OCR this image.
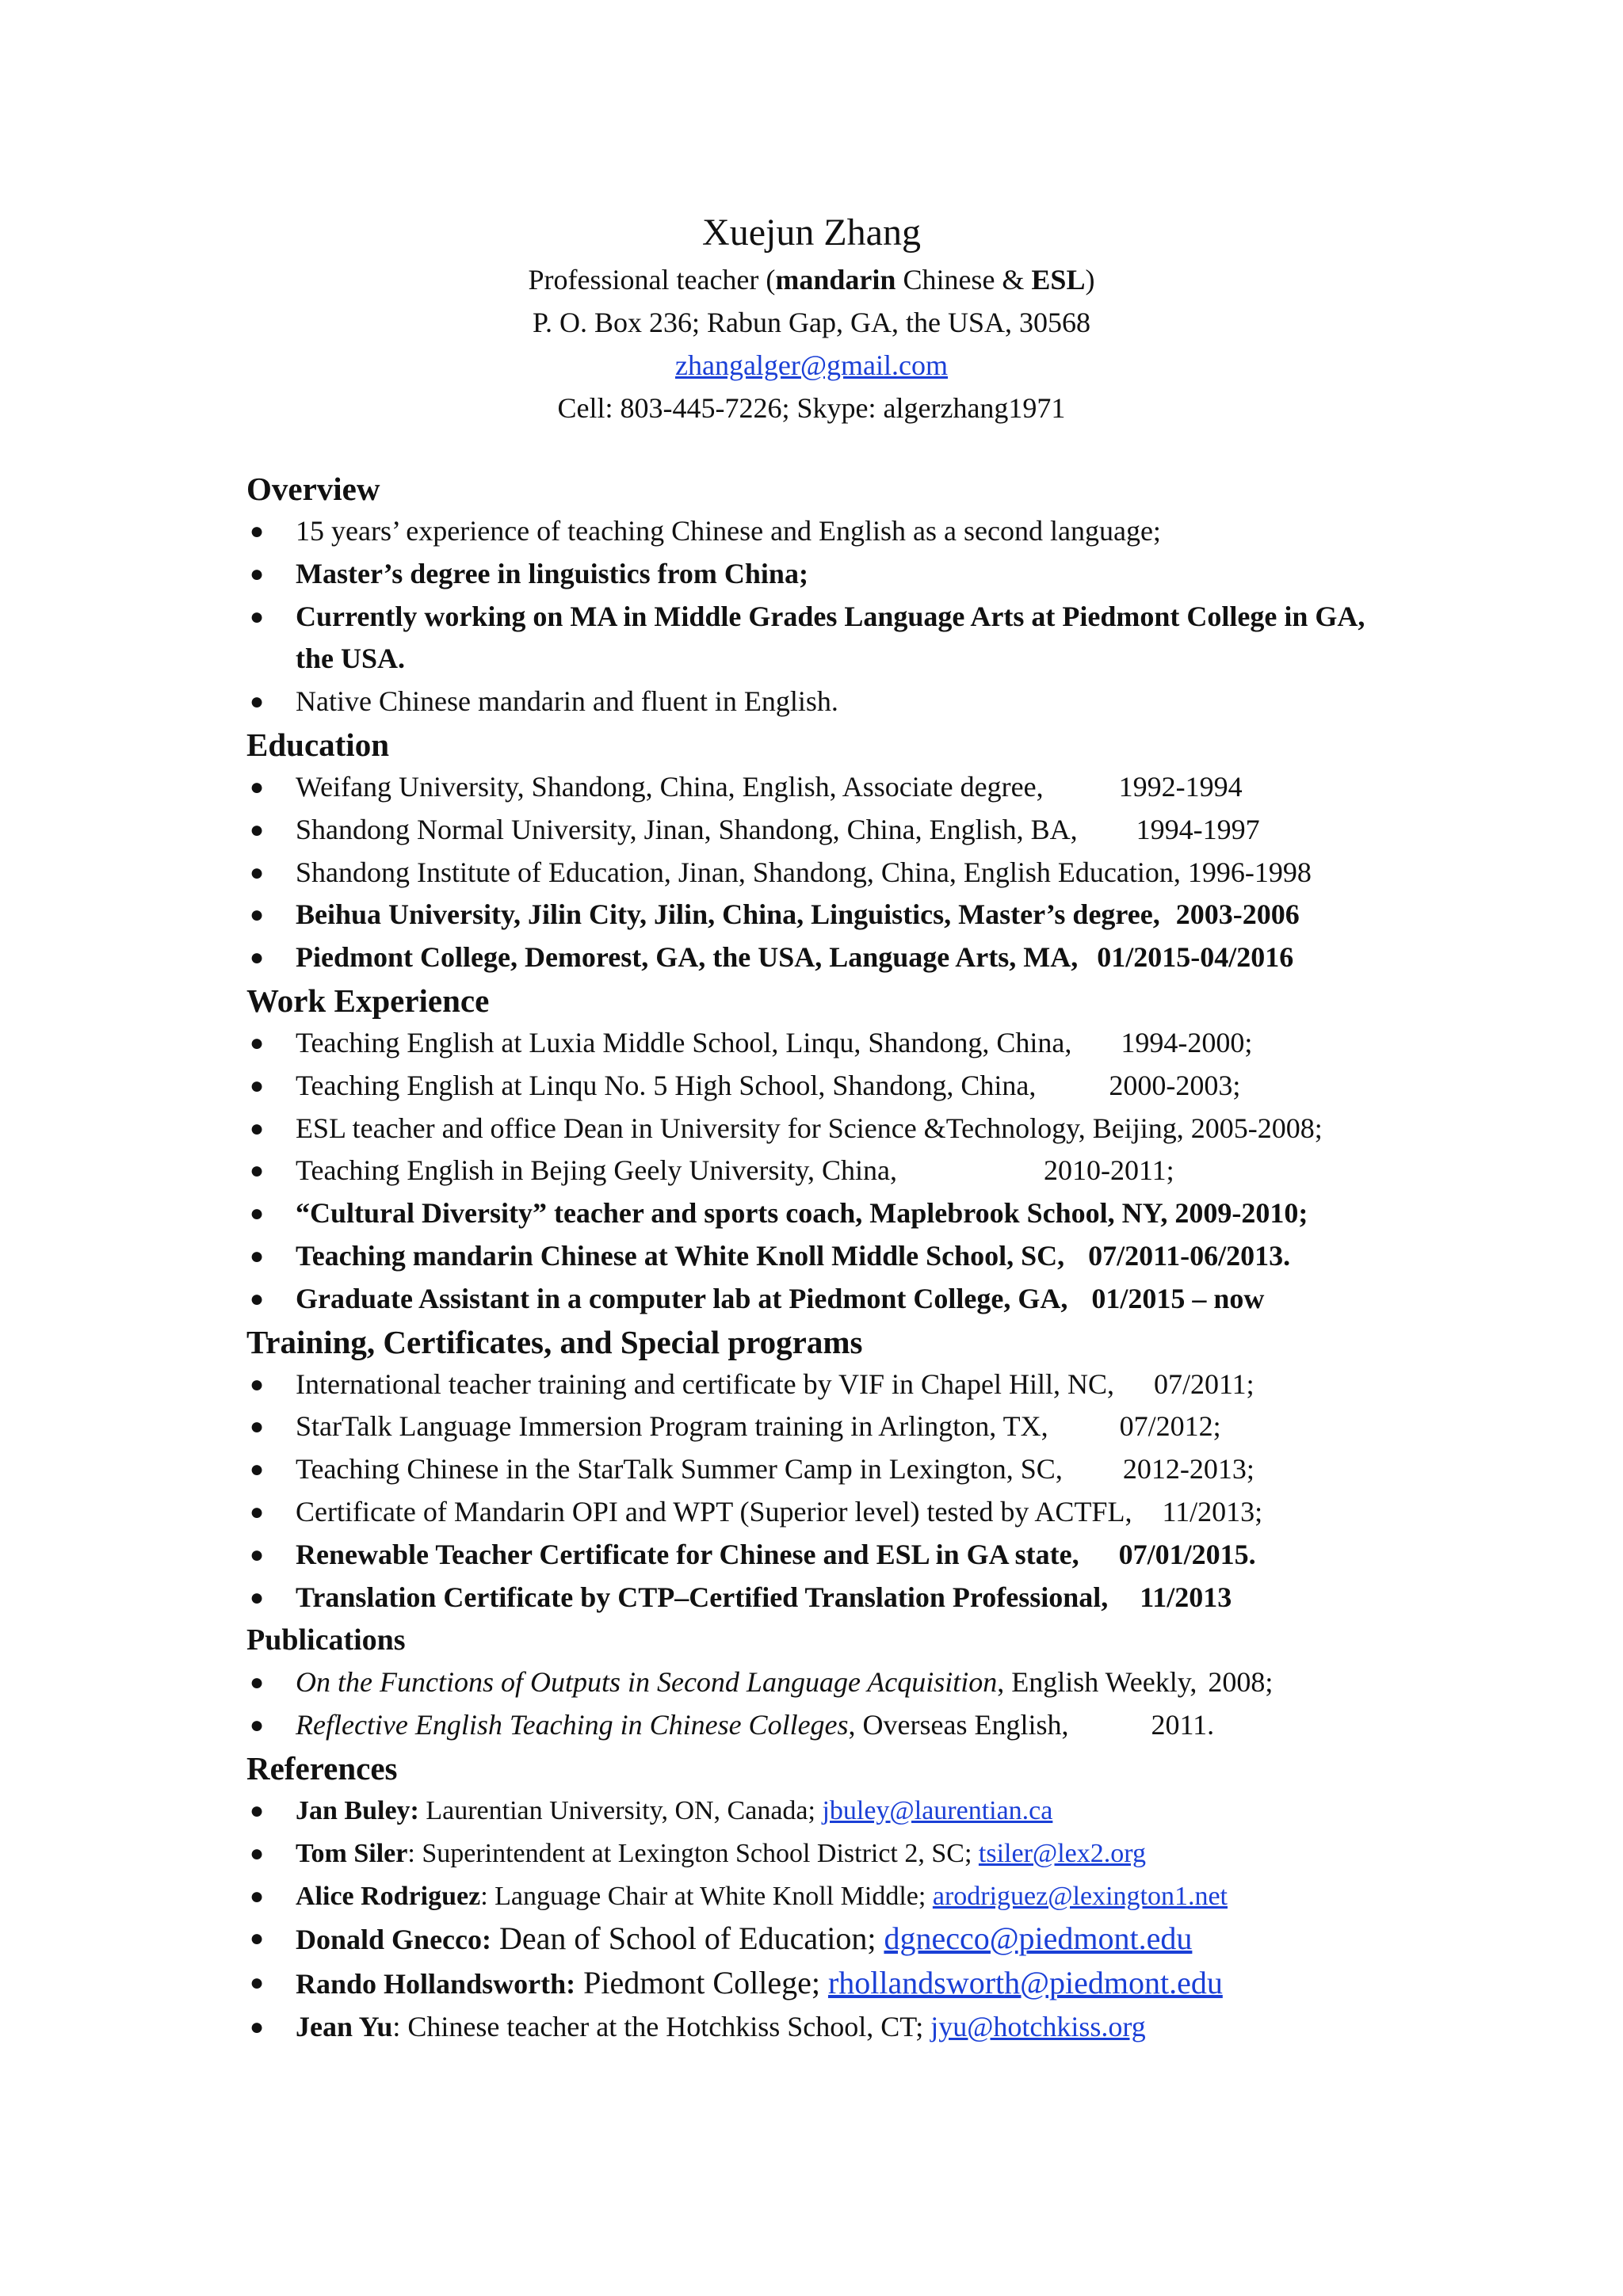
Xuejun Zhang
Professional teacher (mandarin Chinese & ESL)
P. O. Box 236; Rabun Gap, GA, the USA, 30568
zhangalger@gmail.com
Cell: 803-445-7226; Skype: algerzhang1971
Overview
● 15 years’ experience of teaching Chinese and English as a second language;
● Master’s degree in linguistics from China;
● Currently working on MA in Middle Grades Language Arts at Piedmont College in GA, the USA.
● Native Chinese mandarin and fluent in English.
Education
● Weifang University, Shandong, China, English, Associate degree,	1992-1994
● Shandong Normal University, Jinan, Shandong, China, English, BA, 1994-1997
● Shandong Institute of Education, Jinan, Shandong, China, English Education, 1996-1998
● Beihua University, Jilin City, Jilin, China, Linguistics, Master’s degree, 2003-2006
● Piedmont College, Demorest, GA, the USA, Language Arts, MA, 01/2015-04/2016
Work Experience
● Teaching English at Luxia Middle School, Linqu, Shandong, China, 1994-2000;
● Teaching English at Linqu No. 5 High School, Shandong, China,	2000-2003;
● ESL teacher and office Dean in University for Science &Technology, Beijing, 2005-2008;
● Teaching English in Bejing Geely University, China,	2010-2011;
● “Cultural Diversity” teacher and sports coach, Maplebrook School, NY, 2009-2010;
● Teaching mandarin Chinese at White Knoll Middle School, SC, 07/2011-06/2013.
● Graduate Assistant in a computer lab at Piedmont College, GA, 01/2015 – now
Training, Certificates, and Special programs
● International teacher training and certificate by VIF in Chapel Hill, NC, 07/2011;
● StarTalk Language Immersion Program training in Arlington, TX,	07/2012;
● Teaching Chinese in the StarTalk Summer Camp in Lexington, SC, 2012-2013;
● Certificate of Mandarin OPI and WPT (Superior level) tested by ACTFL, 11/2013;
● Renewable Teacher Certificate for Chinese and ESL in GA state, 07/01/2015.
● Translation Certificate by CTP–Certified Translation Professional, 11/2013
Publications
● On the Functions of Outputs in Second Language Acquisition, English Weekly, 2008;
● Reflective English Teaching in Chinese Colleges, Overseas English,	2011.
References
● Jan Buley: Laurentian University, ON, Canada; jbuley@laurentian.ca
● Tom Siler: Superintendent at Lexington School District 2, SC; tsiler@lex2.org
● Alice Rodriguez: Language Chair at White Knoll Middle; arodriguez@lexington1.net
● Donald Gnecco: Dean of School of Education; dgnecco@piedmont.edu
● Rando Hollandsworth: Piedmont College; rhollandsworth@piedmont.edu
● Jean Yu: Chinese teacher at the Hotchkiss School, CT; jyu@hotchkiss.org
